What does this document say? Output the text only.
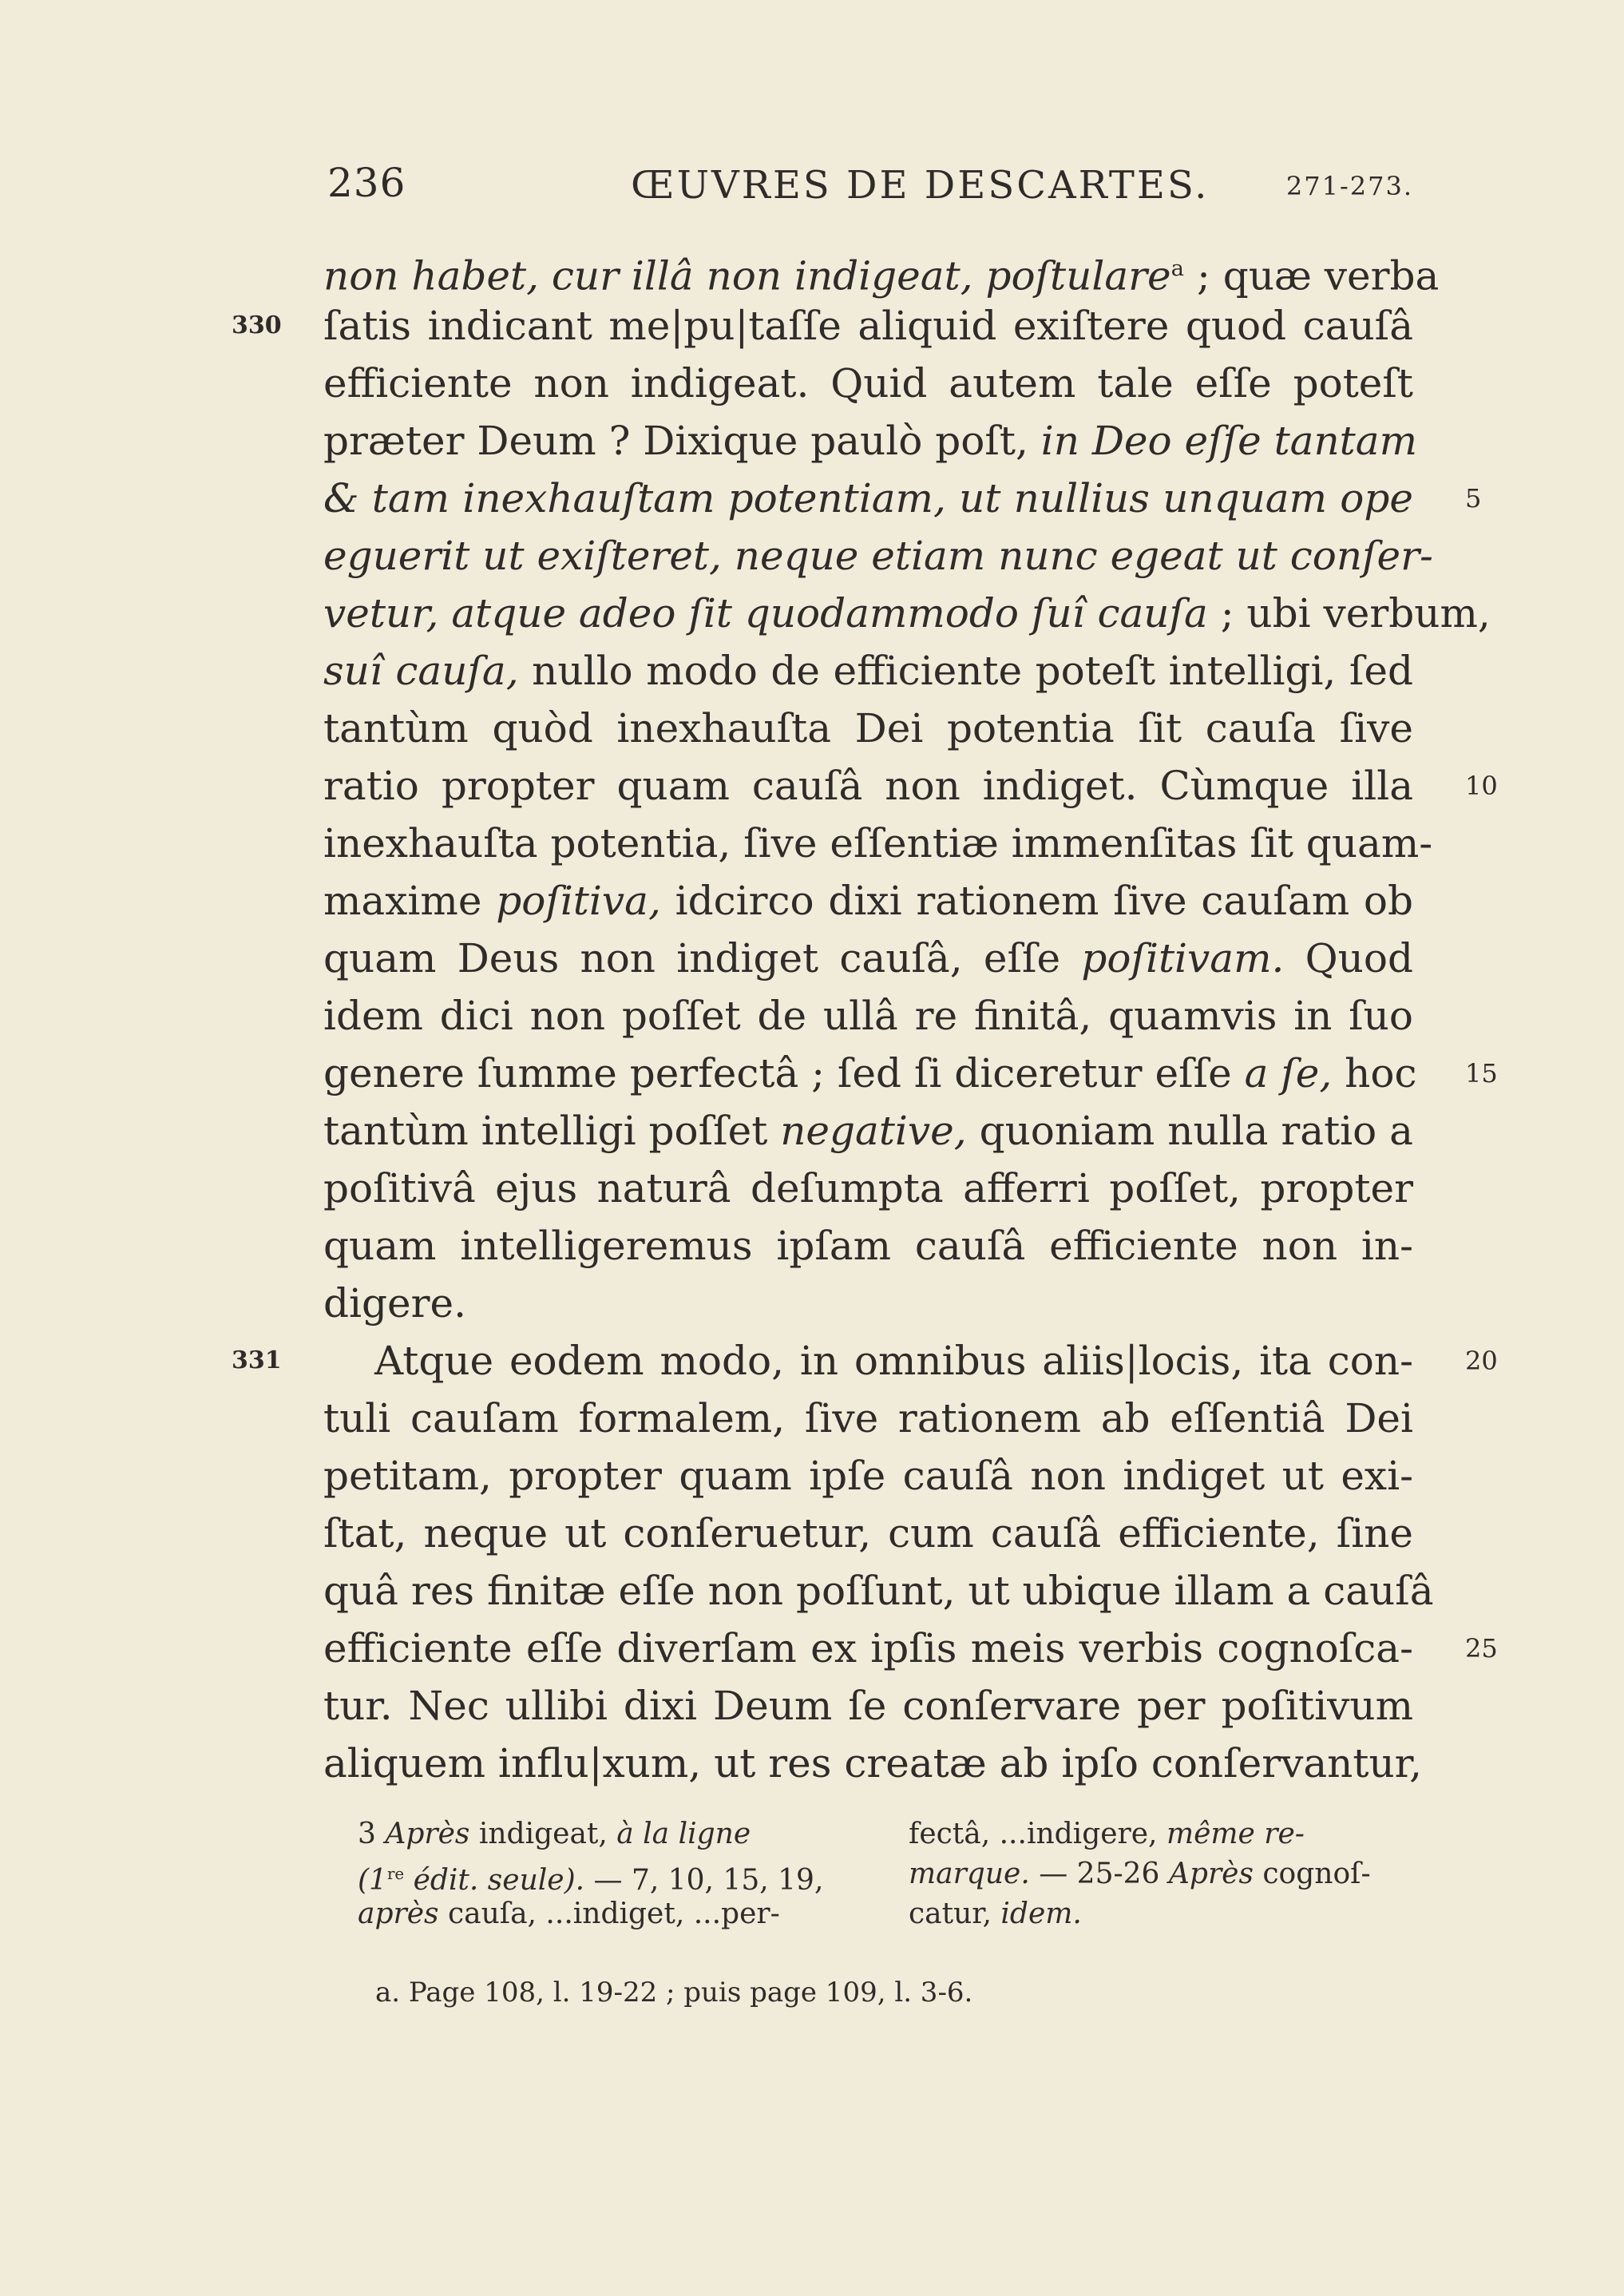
236	ŒUVRES DE DESCARTES.	271-273.
non habet, cur illâ non indigeat, poſtulare$^a$ ; quæ verba
ſatis indicant me|pu|taſſe aliquid exiſtere quod cauſâ
efficiente non indigeat. Quid autem tale eſſe poteſt
præter Deum ? Dixique paulò poſt, in Deo eſſe tantam
& tam inexhauſtam potentiam, ut nullius unquam ope
eguerit ut exiſteret, neque etiam nunc egeat ut conſer-
vetur, atque adeo ſit quodammodo ſuî cauſa ; ubi verbum,
suî cauſa, nullo modo de efficiente poteſt intelligi, ſed
tantùm quòd inexhauſta Dei potentia ſit cauſa ſive
ratio propter quam cauſâ non indiget. Cùmque illa
inexhauſta potentia, ſive eſſentiæ immenſitas ſit quam-
maxime poſitiva, idcirco dixi rationem ſive cauſam ob
quam Deus non indiget cauſâ, eſſe poſitivam. Quod
idem dici non poſſet de ullâ re finitâ, quamvis in ſuo
genere ſumme perfectâ ; ſed ſi diceretur eſſe a ſe, hoc
tantùm intelligi poſſet negative, quoniam nulla ratio a
poſitivâ ejus naturâ deſumpta afferri poſſet, propter
quam intelligeremus ipſam cauſâ efficiente non in-
digere.
Atque eodem modo, in omnibus aliis|locis, ita con-
tuli cauſam formalem, ſive rationem ab eſſentiâ Dei
petitam, propter quam ipſe cauſâ non indiget ut exi-
ſtat, neque ut conſeruetur, cum cauſâ efficiente, ſine
quâ res finitæ eſſe non poſſunt, ut ubique illam a cauſâ
efficiente eſſe diverſam ex ipſis meis verbis cognoſca-
tur. Nec ullibi dixi Deum ſe conſervare per poſitivum
aliquem influ|xum, ut res creatæ ab ipſo conſervantur,
330
331
5
10
15
20
25
3 Après indigeat, à la ligne
(1re édit. seule). — 7, 10, 15, 19,
après cauſa, ...indiget, ...per-
fectâ, ...indigere, même re-
marque. — 25-26 Après cognoſ-
catur, idem.
a. Page 108, l. 19-22 ; puis page 109, l. 3-6.
